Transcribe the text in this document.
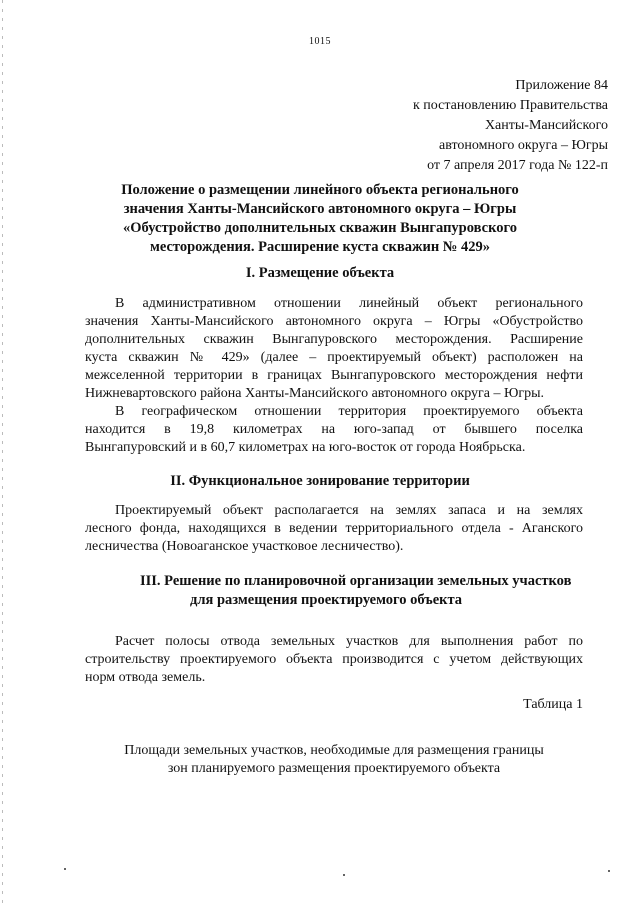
1015
Приложение 84
к постановлению Правительства
Ханты-Мансийского
автономного округа – Югры
от 7 апреля 2017 года № 122-п
Положение о размещении линейного объекта регионального
значения Ханты-Мансийского автономного округа – Югры
«Обустройство дополнительных скважин Вынгапуровского
месторождения. Расширение куста скважин № 429»
I. Размещение объекта
В административном отношении линейный объект регионального
значения Ханты-Мансийского автономного округа – Югры «Обустройство
дополнительных скважин Вынгапуровского месторождения. Расширение
куста скважин № 429» (далее – проектируемый объект) расположен на
межселенной территории в границах Вынгапуровского месторождения нефти
Нижневартовского района Ханты-Мансийского автономного округа – Югры.
В географическом отношении территория проектируемого объекта
находится в 19,8 километрах на юго-запад от бывшего поселка
Вынгапуровский и в 60,7 километрах на юго-восток от города Ноябрьска.
II. Функциональное зонирование территории
Проектируемый объект располагается на землях запаса и на землях
лесного фонда, находящихся в ведении территориального отдела - Аганского
лесничества (Новоаганское участковое лесничество).
III. Решение по планировочной организации земельных участков
для размещения проектируемого объекта
Расчет полосы отвода земельных участков для выполнения работ по
строительству проектируемого объекта производится с учетом действующих
норм отвода земель.
Таблица 1
Площади земельных участков, необходимые для размещения границы
зон планируемого размещения проектируемого объекта
